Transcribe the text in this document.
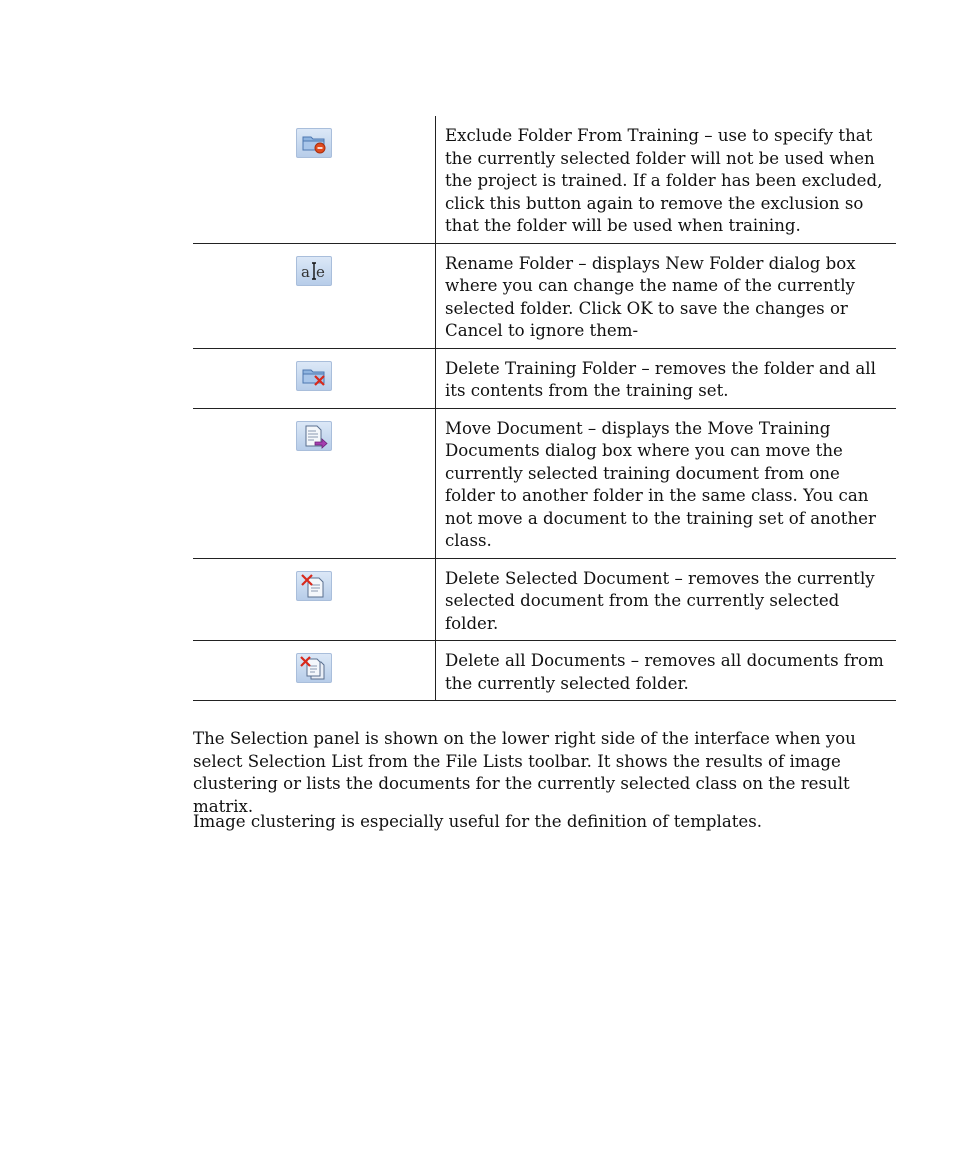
	Exclude Folder From Training – use to specify that the currently selected folder will not be used when the project is trained. If a folder has been excluded, click this button again to remove the exclusion so that the folder will be used when training.

a e	Rename Folder – displays New Folder dialog box where you can change the name of the currently selected folder. Click OK to save the changes or Cancel to ignore them-

	Delete Training Folder – removes the folder and all its contents from the training set.

	Move Document – displays the Move Training Documents dialog box where you can move the currently selected training document from one folder to another folder in the same class. You can not move a document to the training set of another class.

	Delete Selected Document – removes the currently selected document from the currently selected folder.

	Delete all Documents – removes all documents from the currently selected folder.

The Selection panel is shown on the lower right side of the interface when you select Selection List from the File Lists toolbar. It shows the results of image clustering or lists the documents for the currently selected class on the result matrix.

Image clustering is especially useful for the definition of templates.
